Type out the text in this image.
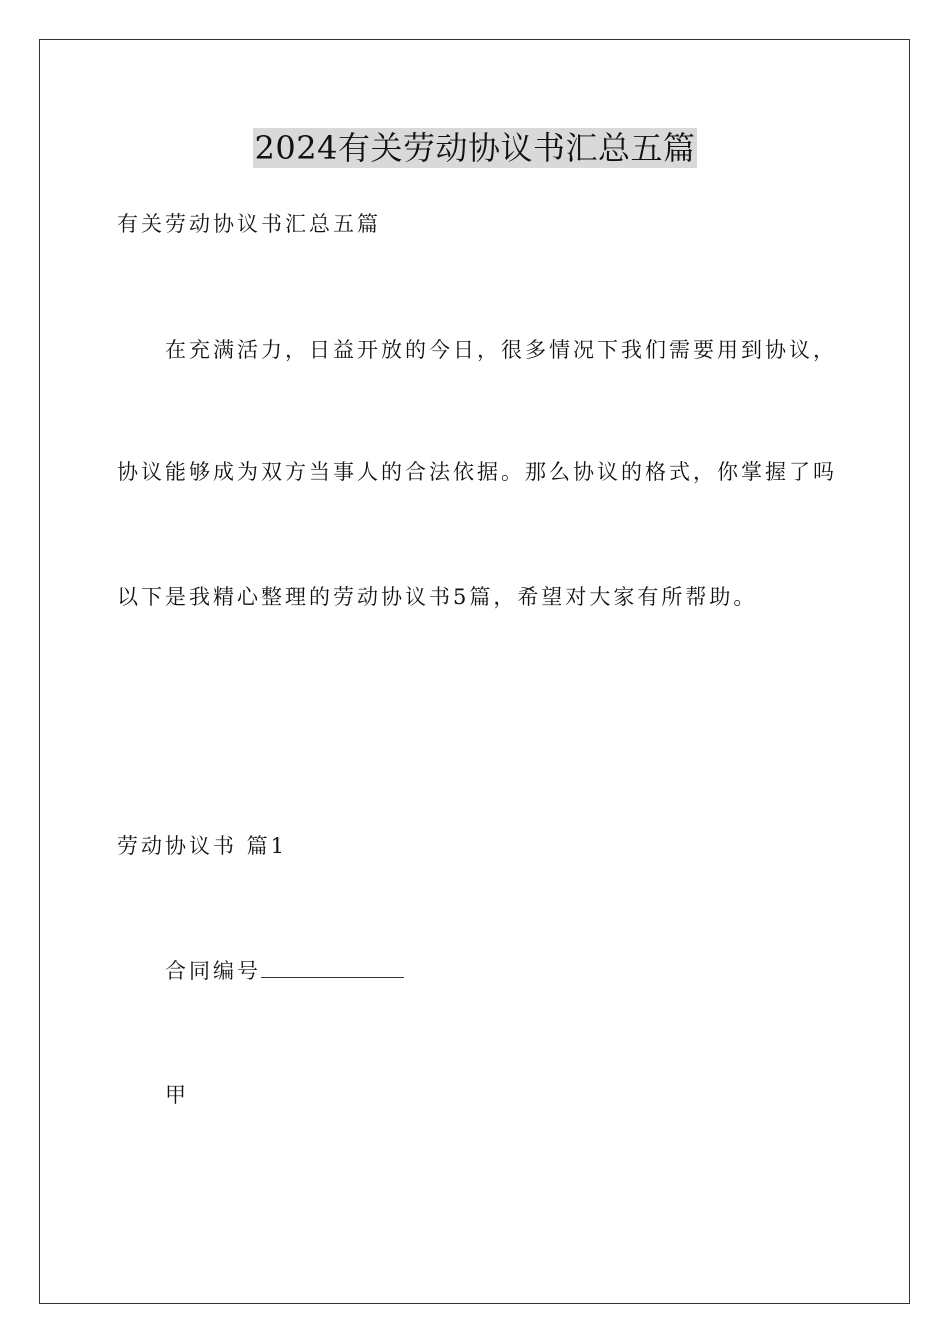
2024有关劳动协议书汇总五篇
有关劳动协议书汇总五篇
在充满活力，日益开放的今日，很多情况下我们需要用到协议，
协议能够成为双方当事人的合法依据。那么协议的格式，你掌握了吗
以下是我精心整理的劳动协议书5篇，希望对大家有所帮助。
劳动协议书 篇1
合同编号
甲
